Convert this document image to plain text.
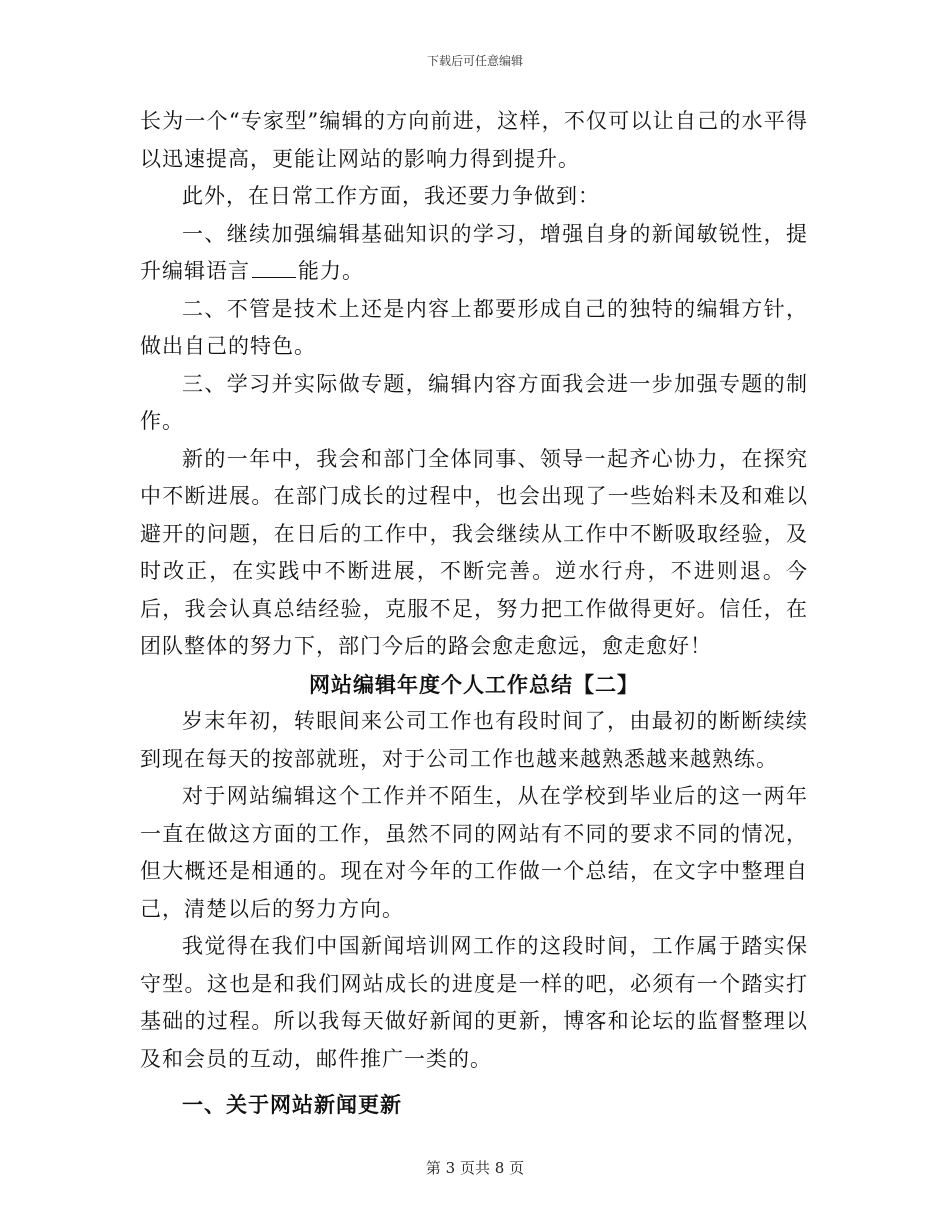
下载后可任意编辑

长为一个“专家型”编辑的方向前进，这样，不仅可以让自己的水平得以迅速提高，更能让网站的影响力得到提升。

此外，在日常工作方面，我还要力争做到：

一、继续加强编辑基础知识的学习，增强自身的新闻敏锐性，提升编辑语言 能力。

二、不管是技术上还是内容上都要形成自己的独特的编辑方针，做出自己的特色。

三、学习并实际做专题，编辑内容方面我会进一步加强专题的制作。

新的一年中，我会和部门全体同事、领导一起齐心协力，在探究中不断进展。在部门成长的过程中，也会出现了一些始料未及和难以避开的问题，在日后的工作中，我会继续从工作中不断吸取经验，及时改正，在实践中不断进展，不断完善。逆水行舟，不进则退。今后，我会认真总结经验，克服不足，努力把工作做得更好。信任，在团队整体的努力下，部门今后的路会愈走愈远，愈走愈好！

网站编辑年度个人工作总结【二】

岁末年初，转眼间来公司工作也有段时间了，由最初的断断续续到现在每天的按部就班，对于公司工作也越来越熟悉越来越熟练。

对于网站编辑这个工作并不陌生，从在学校到毕业后的这一两年一直在做这方面的工作，虽然不同的网站有不同的要求不同的情况，但大概还是相通的。现在对今年的工作做一个总结，在文字中整理自己，清楚以后的努力方向。

我觉得在我们中国新闻培训网工作的这段时间，工作属于踏实保守型。这也是和我们网站成长的进度是一样的吧，必须有一个踏实打基础的过程。所以我每天做好新闻的更新，博客和论坛的监督整理以及和会员的互动，邮件推广一类的。

一、关于网站新闻更新

第 3 页共 8 页
